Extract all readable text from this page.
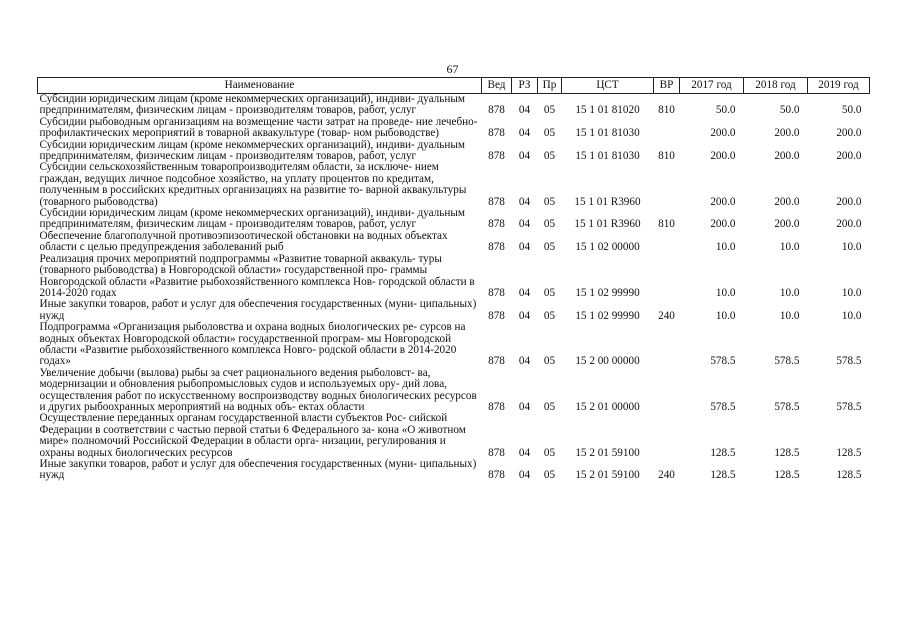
67
Наименование	Вед	РЗ	Пр	ЦСТ	ВР	2017 год	2018 год	2019 год
Субсидии юридическим лицам (кроме некоммерческих организаций), индиви- дуальным предпринимателям, физическим лицам - производителям товаров, работ, услуг	878	04	05	15 1 01 81020	810	50.0	50.0	50.0
Субсидии рыбоводным организациям на возмещение части затрат на проведе- ние лечебно-профилактических мероприятий в товарной аквакультуре (товар- ном рыбоводстве)	878	04	05	15 1 01 81030		200.0	200.0	200.0
Субсидии юридическим лицам (кроме некоммерческих организаций), индиви- дуальным предпринимателям, физическим лицам - производителям товаров, работ, услуг	878	04	05	15 1 01 81030	810	200.0	200.0	200.0
Субсидии сельскохозяйственным товаропроизводителям области, за исключе- нием граждан, ведущих личное подсобное хозяйство, на уплату процентов по кредитам, полученным в российских кредитных организациях на развитие то- варной аквакультуры (товарного рыбоводства)	878	04	05	15 1 01 R3960		200.0	200.0	200.0
Субсидии юридическим лицам (кроме некоммерческих организаций), индиви- дуальным предпринимателям, физическим лицам - производителям товаров, работ, услуг	878	04	05	15 1 01 R3960	810	200.0	200.0	200.0
Обеспечение благополучной противоэпизоотической обстановки на водных объектах области с целью предупреждения заболеваний рыб	878	04	05	15 1 02 00000		10.0	10.0	10.0
Реализация прочих мероприятий подпрограммы «Развитие товарной аквакуль- туры (товарного рыбоводства) в Новгородской области» государственной про- граммы Новгородской области «Развитие рыбохозяйственного комплекса Нов- городской области в 2014-2020 годах	878	04	05	15 1 02 99990		10.0	10.0	10.0
Иные закупки товаров, работ и услуг для обеспечения государственных (муни- ципальных) нужд	878	04	05	15 1 02 99990	240	10.0	10.0	10.0
Подпрограмма «Организация рыболовства и охрана водных биологических ре- сурсов на водных объектах Новгородской области» государственной програм- мы Новгородской области «Развитие рыбохозяйственного комплекса Новго- родской области в 2014-2020 годах»	878	04	05	15 2 00 00000		578.5	578.5	578.5
Увеличение добычи (вылова) рыбы за счет рационального ведения рыболовст- ва, модернизации и обновления рыбопромысловых судов и используемых ору- дий лова, осуществления работ по искусственному воспроизводству водных биологических ресурсов и других рыбоохранных мероприятий на водных объ- ектах области	878	04	05	15 2 01 00000		578.5	578.5	578.5
Осуществление переданных органам государственной власти субъектов Рос- сийской Федерации в соответствии с частью первой статьи 6 Федерального за- кона «О животном мире» полномочий Российской Федерации в области орга- низации, регулирования и охраны водных биологических ресурсов	878	04	05	15 2 01 59100		128.5	128.5	128.5
Иные закупки товаров, работ и услуг для обеспечения государственных (муни- ципальных) нужд	878	04	05	15 2 01 59100	240	128.5	128.5	128.5
